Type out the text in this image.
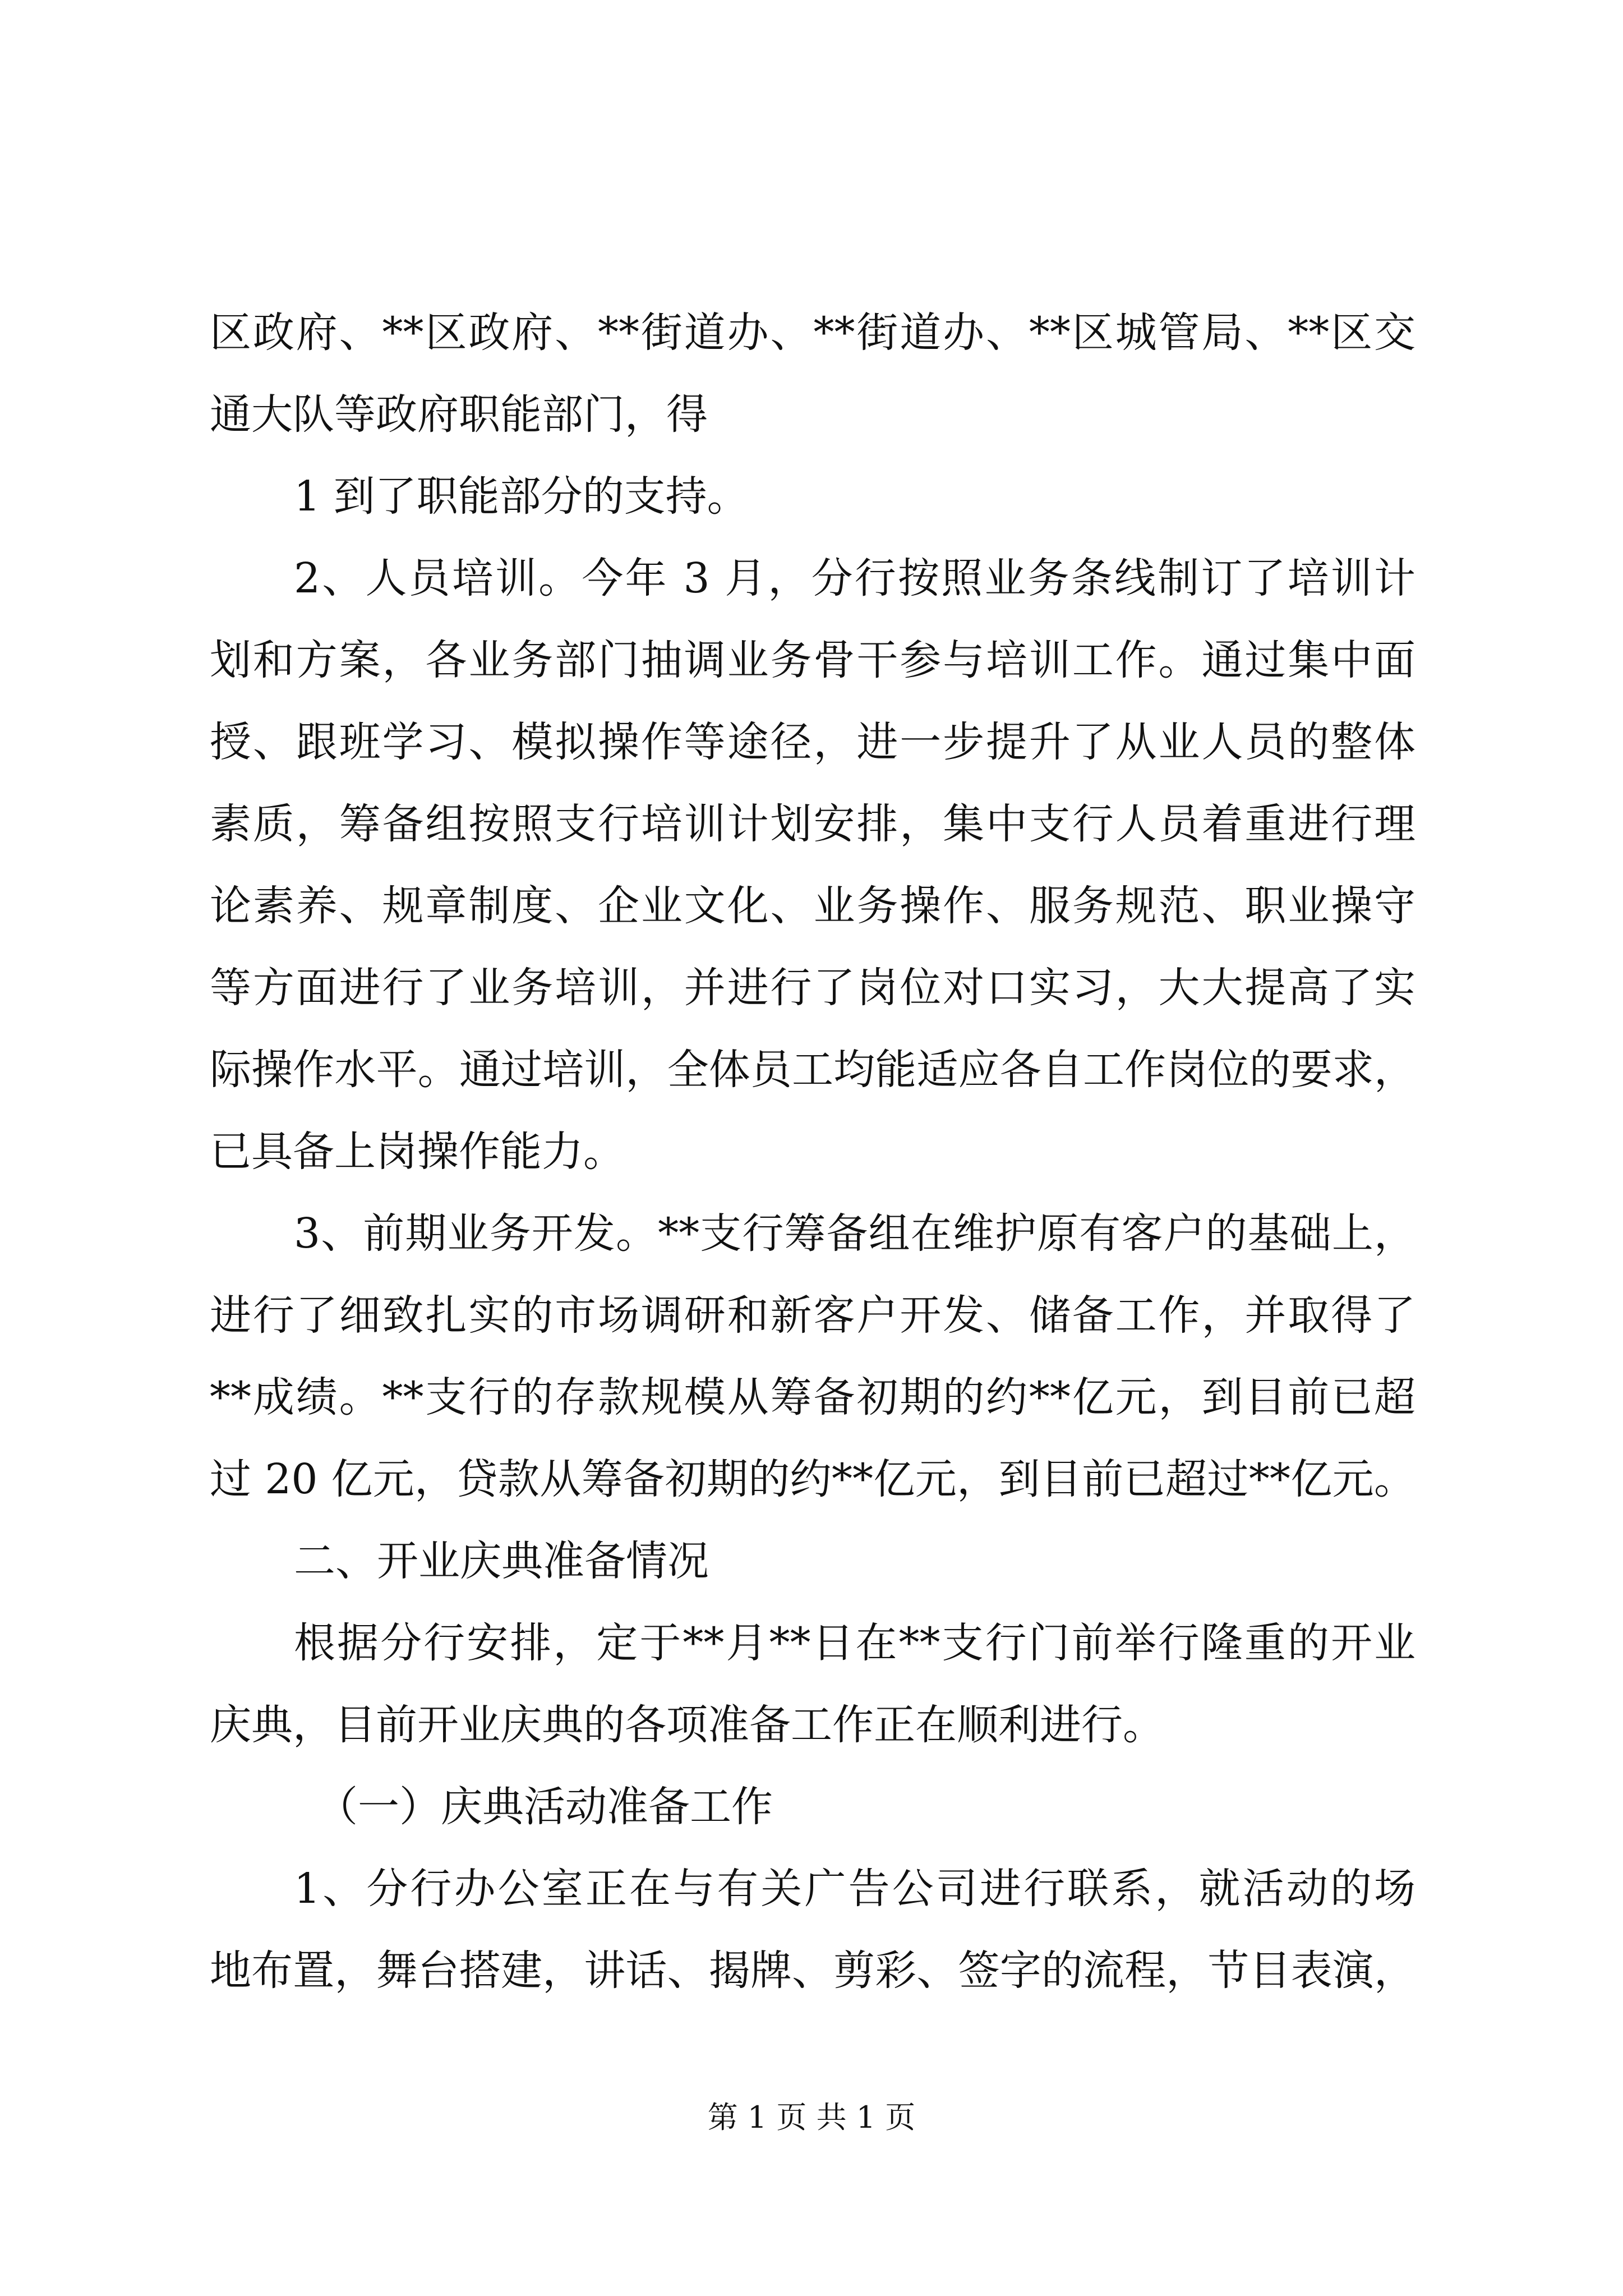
区政府、**区政府、**街道办、**街道办、**区城管局、**区交
通大队等政府职能部门，得
1 到了职能部分的支持。
2、人员培训。今年 3 月，分行按照业务条线制订了培训计
划和方案，各业务部门抽调业务骨干参与培训工作。通过集中面
授、跟班学习、模拟操作等途径，进一步提升了从业人员的整体
素质，筹备组按照支行培训计划安排，集中支行人员着重进行理
论素养、规章制度、企业文化、业务操作、服务规范、职业操守
等方面进行了业务培训，并进行了岗位对口实习，大大提高了实
际操作水平。通过培训，全体员工均能适应各自工作岗位的要求，
已具备上岗操作能力。
3、前期业务开发。**支行筹备组在维护原有客户的基础上，
进行了细致扎实的市场调研和新客户开发、储备工作，并取得了
**成绩。**支行的存款规模从筹备初期的约**亿元，到目前已超
过 20 亿元，贷款从筹备初期的约**亿元，到目前已超过**亿元。
二、开业庆典准备情况
根据分行安排，定于**月**日在**支行门前举行隆重的开业
庆典，目前开业庆典的各项准备工作正在顺利进行。
（一）庆典活动准备工作
1、分行办公室正在与有关广告公司进行联系，就活动的场
地布置，舞台搭建，讲话、揭牌、剪彩、签字的流程，节目表演，
第 1 页 共 1 页
